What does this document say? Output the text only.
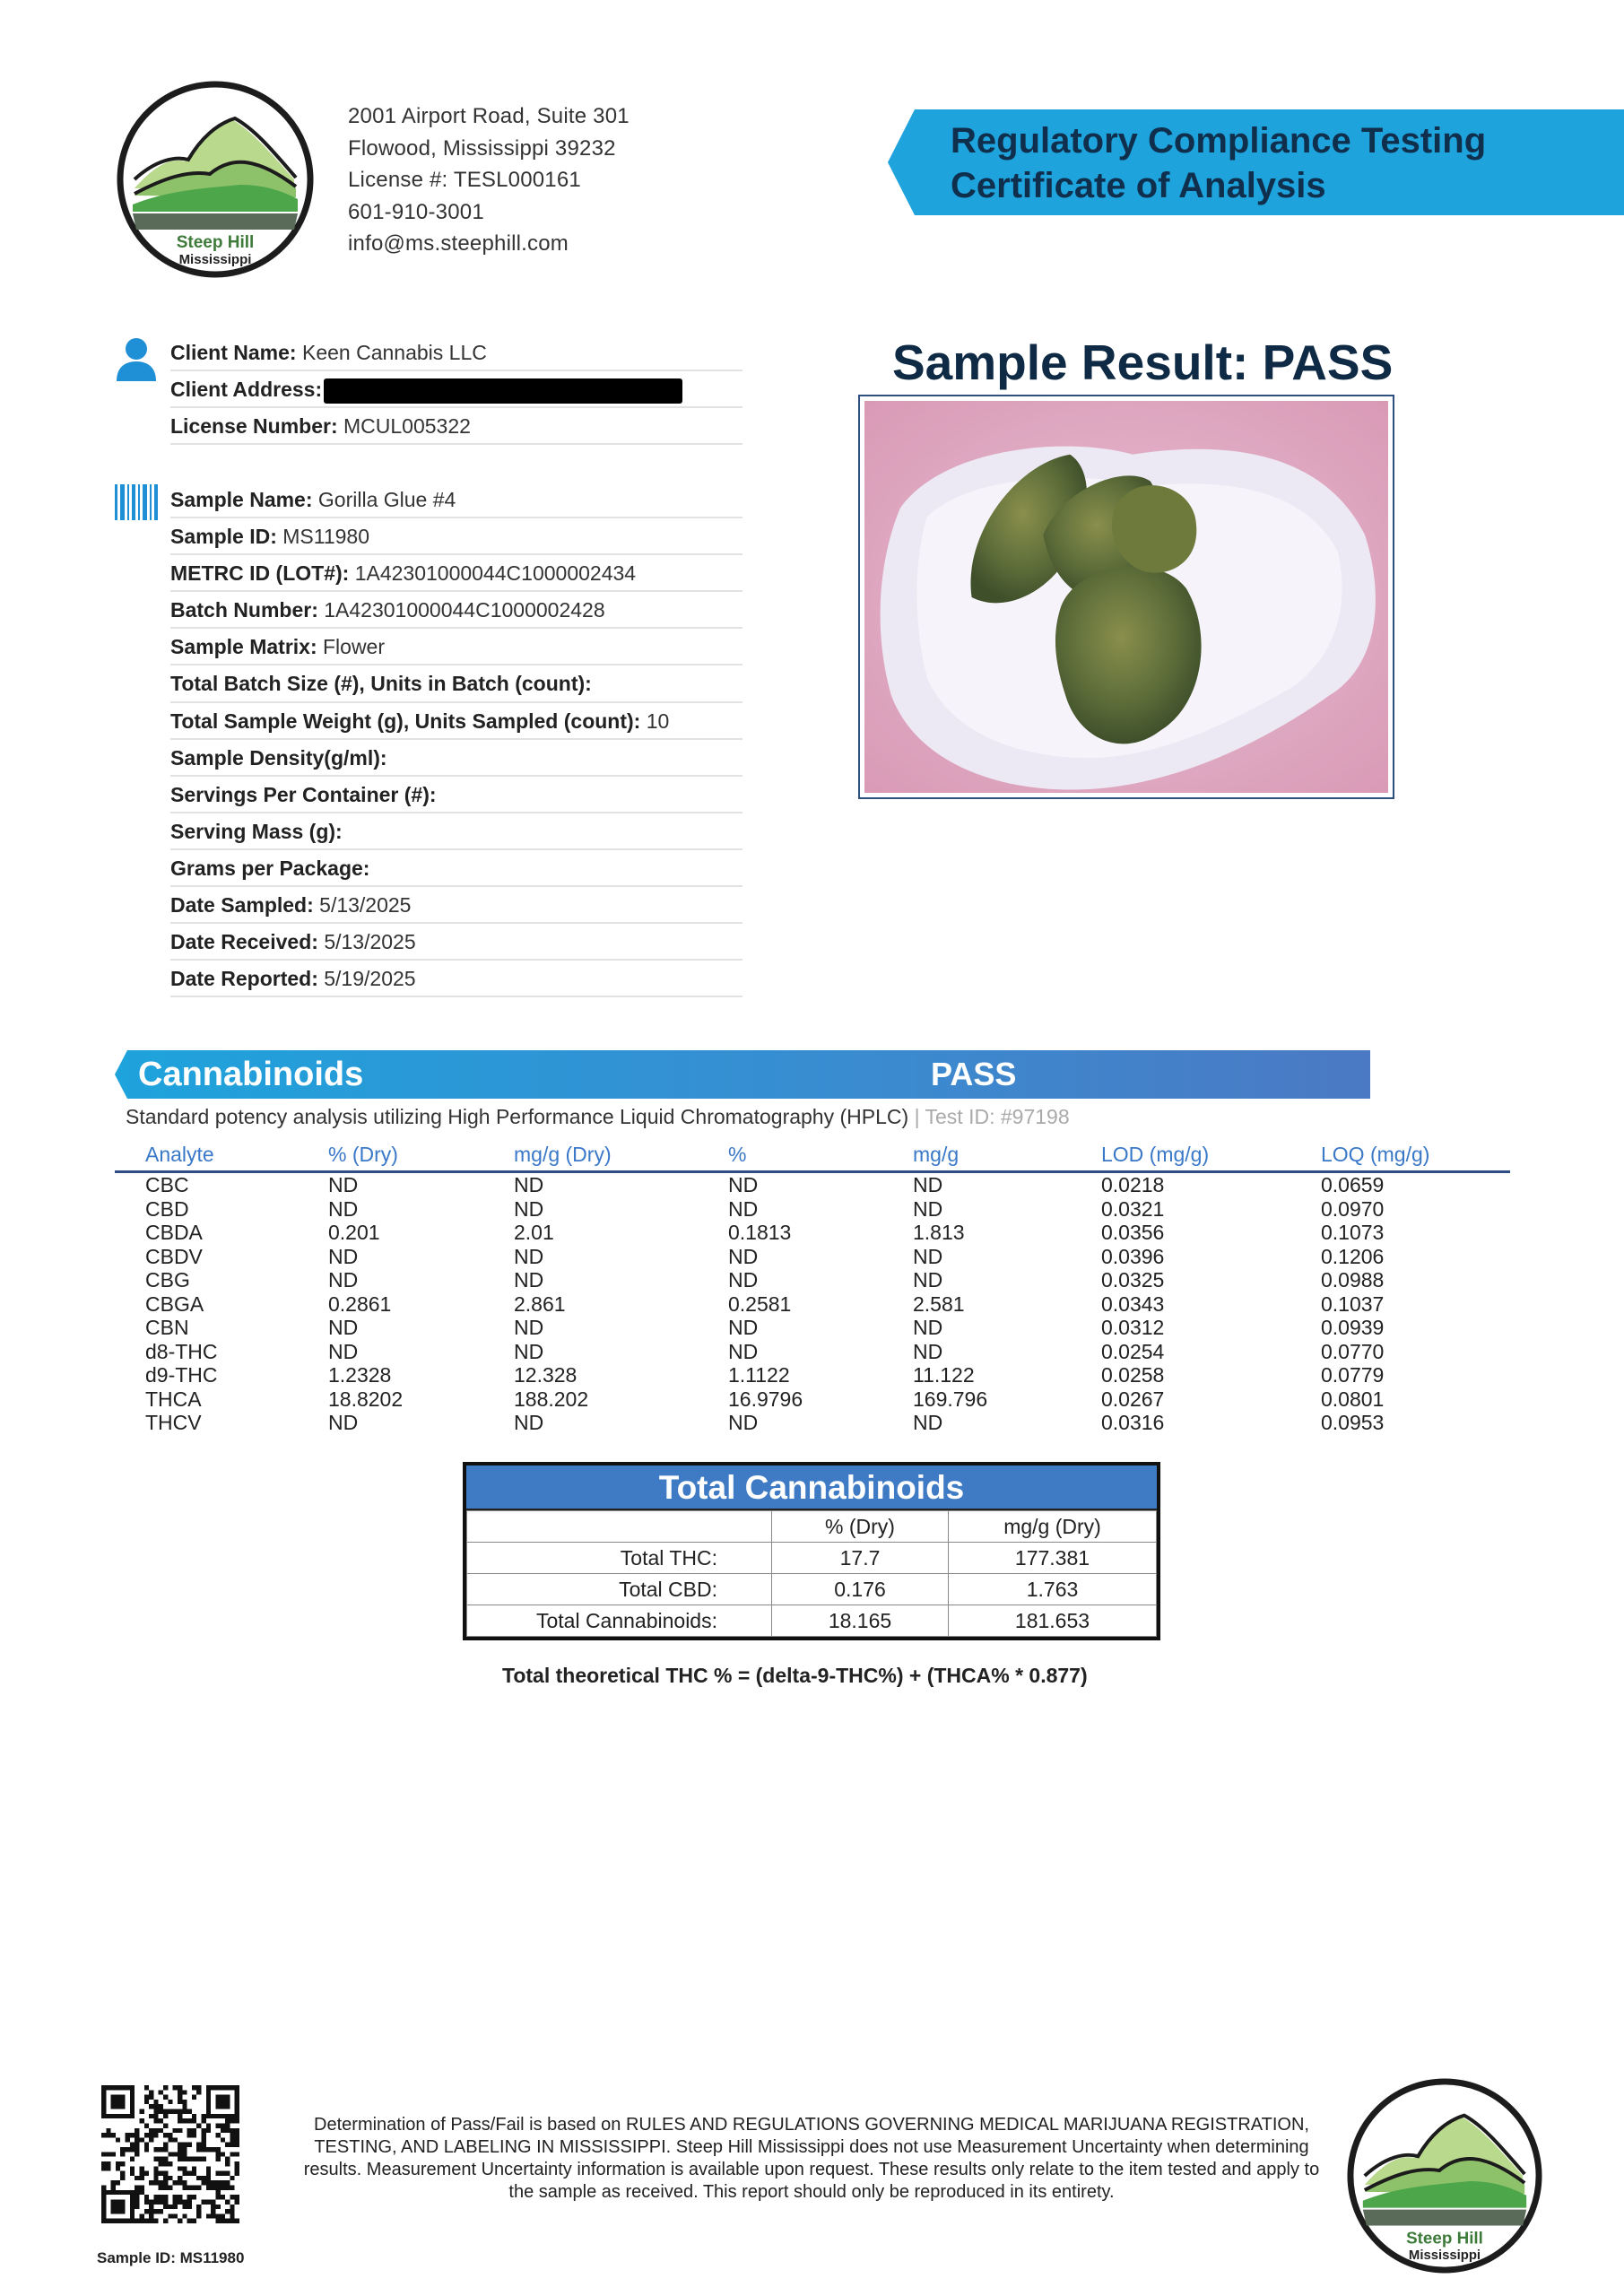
Steep Hill
Mississippi
2001 Airport Road, Suite 301
Flowood, Mississippi 39232
License #: TESL000161
601-910-3001
info@ms.steephill.com
Regulatory Compliance Testing
Certificate of Analysis
Client Name: Keen Cannabis LLC
Client Address:
License Number: MCUL005322
Sample Name: Gorilla Glue #4
Sample ID: MS11980
METRC ID (LOT#): 1A42301000044C1000002434
Batch Number: 1A42301000044C1000002428
Sample Matrix: Flower
Total Batch Size (#), Units in Batch (count):
Total Sample Weight (g), Units Sampled (count): 10
Sample Density(g/ml):
Servings Per Container (#):
Serving Mass (g):
Grams per Package:
Date Sampled: 5/13/2025
Date Received: 5/13/2025
Date Reported: 5/19/2025
Sample Result: PASS
Cannabinoids	PASS
Standard potency analysis utilizing High Performance Liquid Chromatography (HPLC) | Test ID: #97198
Analyte	% (Dry)	mg/g (Dry)	%	mg/g	LOD (mg/g)	LOQ (mg/g)
CBC	ND	ND	ND	ND	0.0218	0.0659
CBD	ND	ND	ND	ND	0.0321	0.0970
CBDA	0.201	2.01	0.1813	1.813	0.0356	0.1073
CBDV	ND	ND	ND	ND	0.0396	0.1206
CBG	ND	ND	ND	ND	0.0325	0.0988
CBGA	0.2861	2.861	0.2581	2.581	0.0343	0.1037
CBN	ND	ND	ND	ND	0.0312	0.0939
d8-THC	ND	ND	ND	ND	0.0254	0.0770
d9-THC	1.2328	12.328	1.1122	11.122	0.0258	0.0779
THCA	18.8202	188.202	16.9796	169.796	0.0267	0.0801
THCV	ND	ND	ND	ND	0.0316	0.0953
Total Cannabinoids
	% (Dry)	mg/g (Dry)
Total THC:	17.7	177.381
Total CBD:	0.176	1.763
Total Cannabinoids:	18.165	181.653
Total theoretical THC % = (delta-9-THC%) + (THCA% * 0.877)
Sample ID: MS11980
Determination of Pass/Fail is based on RULES AND REGULATIONS GOVERNING MEDICAL MARIJUANA REGISTRATION, TESTING, AND LABELING IN MISSISSIPPI. Steep Hill Mississippi does not use Measurement Uncertainty when determining results. Measurement Uncertainty information is available upon request. These results only relate to the item tested and apply to the sample as received. This report should only be reproduced in its entirety.
Steep Hill
Mississippi
